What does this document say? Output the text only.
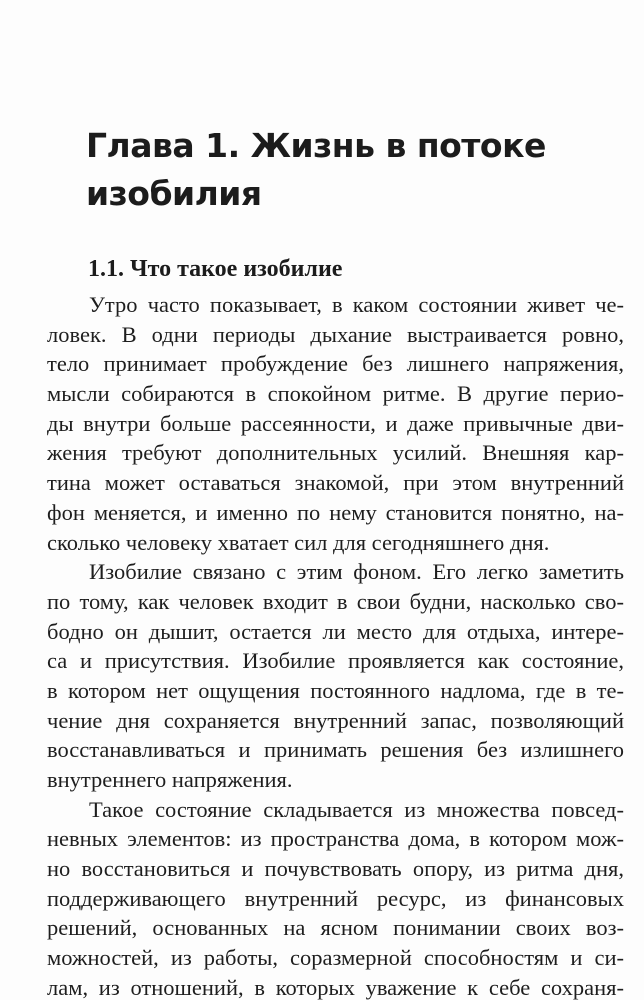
Глава 1. Жизнь в потоке
изобилия
1.1. Что такое изобилие
Утро часто показывает, в каком состоянии живет че-
ловек. В одни периоды дыхание выстраивается ровно,
тело принимает пробуждение без лишнего напряжения,
мысли собираются в спокойном ритме. В другие перио-
ды внутри больше рассеянности, и даже привычные дви-
жения требуют дополнительных усилий. Внешняя кар-
тина может оставаться знакомой, при этом внутренний
фон меняется, и именно по нему становится понятно, на-
сколько человеку хватает сил для сегодняшнего дня.
Изобилие связано с этим фоном. Его легко заметить
по тому, как человек входит в свои будни, насколько сво-
бодно он дышит, остается ли место для отдыха, интере-
са и присутствия. Изобилие проявляется как состояние,
в котором нет ощущения постоянного надлома, где в те-
чение дня сохраняется внутренний запас, позволяющий
восстанавливаться и принимать решения без излишнего
внутреннего напряжения.
Такое состояние складывается из множества повсед-
невных элементов: из пространства дома, в котором мож-
но восстановиться и почувствовать опору, из ритма дня,
поддерживающего внутренний ресурс, из финансовых
решений, основанных на ясном понимании своих воз-
можностей, из работы, соразмерной способностям и си-
лам, из отношений, в которых уважение к себе сохраня-
